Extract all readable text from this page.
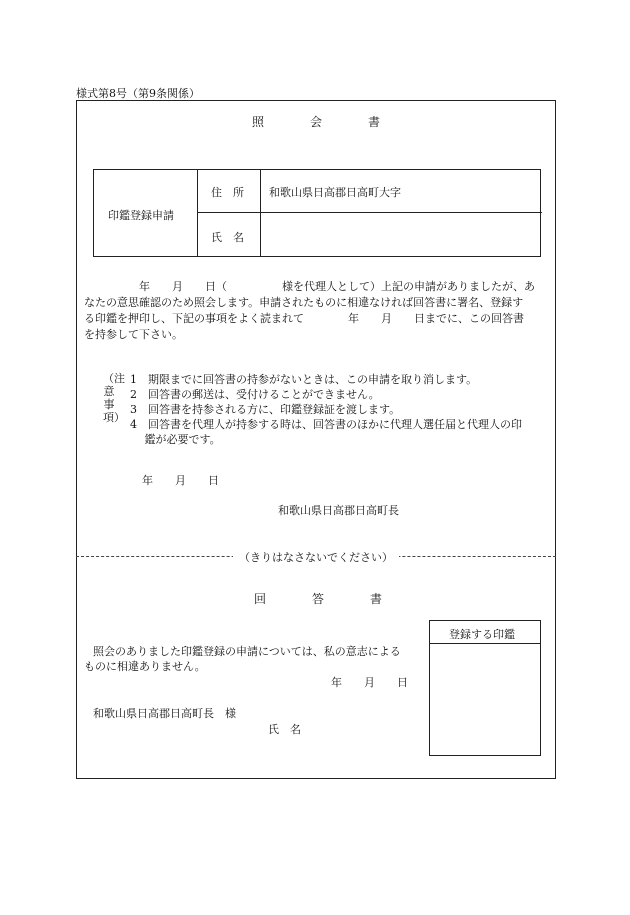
様式第8号（第9条関係）
照	会	書
印鑑登録申請
住　所 和歌山県日高郡日高町大字
氏　名
　　　　　年　　月　　日（　　　　　様を代理人として）上記の申請がありましたが、あ
なたの意思確認のため照会します。申請されたものに相違なければ回答書に署名、登録す
る印鑑を押印し、下記の事項をよく読まれて　　　　年　　月　　日までに、この回答書
を持参して下さい。
（注意事項）
1　期限までに回答書の持参がないときは、この申請を取り消します。
2　回答書の郵送は、受付けることができません。
3　回答書を持参される方に、印鑑登録証を渡します。
4　回答書を代理人が持参する時は、回答書のほかに代理人選任届と代理人の印
　 鑑が必要です。
年　　月　　日
和歌山県日高郡日高町長
（きりはなさないでください）
回	答	書
照会のありました印鑑登録の申請については、私の意志による
ものに相違ありません。
年　　月　　日
和歌山県日高郡日高町長　様
氏　名
登録する印鑑
